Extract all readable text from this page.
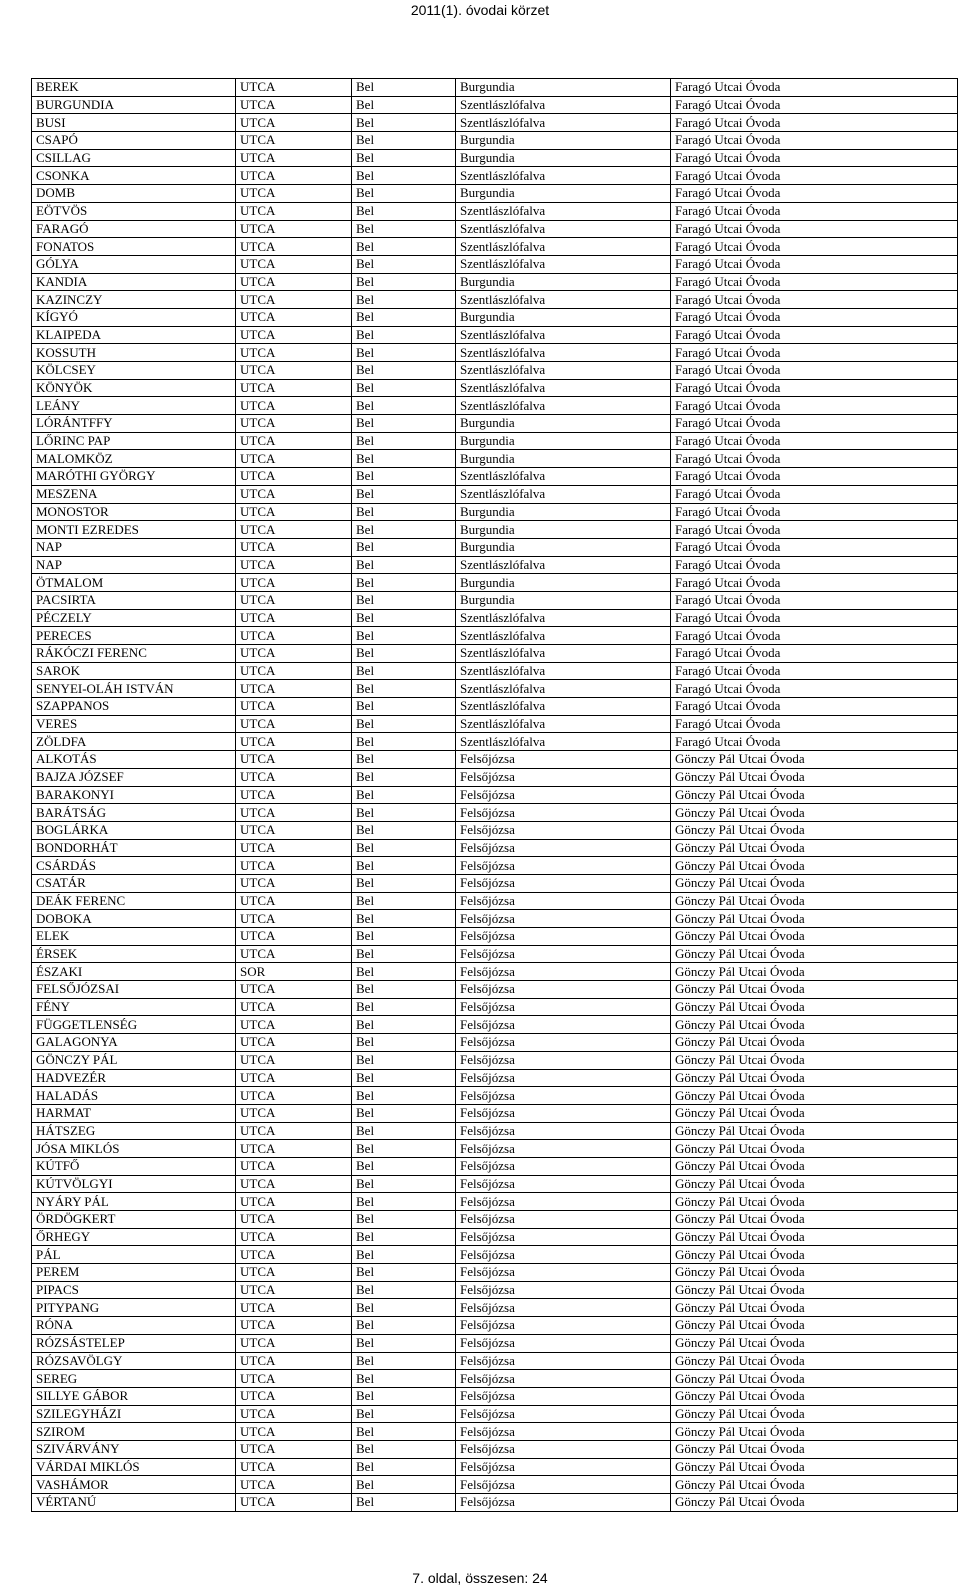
2011(1). óvodai körzet
BEREK	UTCA	Bel	Burgundia	Faragó Utcai Óvoda
BURGUNDIA	UTCA	Bel	Szentlászlófalva	Faragó Utcai Óvoda
BUSI	UTCA	Bel	Szentlászlófalva	Faragó Utcai Óvoda
CSAPÓ	UTCA	Bel	Burgundia	Faragó Utcai Óvoda
CSILLAG	UTCA	Bel	Burgundia	Faragó Utcai Óvoda
CSONKA	UTCA	Bel	Szentlászlófalva	Faragó Utcai Óvoda
DOMB	UTCA	Bel	Burgundia	Faragó Utcai Óvoda
EÖTVÖS	UTCA	Bel	Szentlászlófalva	Faragó Utcai Óvoda
FARAGÓ	UTCA	Bel	Szentlászlófalva	Faragó Utcai Óvoda
FONATOS	UTCA	Bel	Szentlászlófalva	Faragó Utcai Óvoda
GÓLYA	UTCA	Bel	Szentlászlófalva	Faragó Utcai Óvoda
KANDIA	UTCA	Bel	Burgundia	Faragó Utcai Óvoda
KAZINCZY	UTCA	Bel	Szentlászlófalva	Faragó Utcai Óvoda
KÍGYÓ	UTCA	Bel	Burgundia	Faragó Utcai Óvoda
KLAIPEDA	UTCA	Bel	Szentlászlófalva	Faragó Utcai Óvoda
KOSSUTH	UTCA	Bel	Szentlászlófalva	Faragó Utcai Óvoda
KÖLCSEY	UTCA	Bel	Szentlászlófalva	Faragó Utcai Óvoda
KÖNYÖK	UTCA	Bel	Szentlászlófalva	Faragó Utcai Óvoda
LEÁNY	UTCA	Bel	Szentlászlófalva	Faragó Utcai Óvoda
LÓRÁNTFFY	UTCA	Bel	Burgundia	Faragó Utcai Óvoda
LŐRINC PAP	UTCA	Bel	Burgundia	Faragó Utcai Óvoda
MALOMKÖZ	UTCA	Bel	Burgundia	Faragó Utcai Óvoda
MARÓTHI GYÖRGY	UTCA	Bel	Szentlászlófalva	Faragó Utcai Óvoda
MESZENA	UTCA	Bel	Szentlászlófalva	Faragó Utcai Óvoda
MONOSTOR	UTCA	Bel	Burgundia	Faragó Utcai Óvoda
MONTI EZREDES	UTCA	Bel	Burgundia	Faragó Utcai Óvoda
NAP	UTCA	Bel	Burgundia	Faragó Utcai Óvoda
NAP	UTCA	Bel	Szentlászlófalva	Faragó Utcai Óvoda
ÖTMALOM	UTCA	Bel	Burgundia	Faragó Utcai Óvoda
PACSIRTA	UTCA	Bel	Burgundia	Faragó Utcai Óvoda
PÉCZELY	UTCA	Bel	Szentlászlófalva	Faragó Utcai Óvoda
PERECES	UTCA	Bel	Szentlászlófalva	Faragó Utcai Óvoda
RÁKÓCZI FERENC	UTCA	Bel	Szentlászlófalva	Faragó Utcai Óvoda
SAROK	UTCA	Bel	Szentlászlófalva	Faragó Utcai Óvoda
SENYEI-OLÁH ISTVÁN	UTCA	Bel	Szentlászlófalva	Faragó Utcai Óvoda
SZAPPANOS	UTCA	Bel	Szentlászlófalva	Faragó Utcai Óvoda
VERES	UTCA	Bel	Szentlászlófalva	Faragó Utcai Óvoda
ZÖLDFA	UTCA	Bel	Szentlászlófalva	Faragó Utcai Óvoda
ALKOTÁS	UTCA	Bel	Felsőjózsa	Gönczy Pál Utcai Óvoda
BAJZA JÓZSEF	UTCA	Bel	Felsőjózsa	Gönczy Pál Utcai Óvoda
BARAKONYI	UTCA	Bel	Felsőjózsa	Gönczy Pál Utcai Óvoda
BARÁTSÁG	UTCA	Bel	Felsőjózsa	Gönczy Pál Utcai Óvoda
BOGLÁRKA	UTCA	Bel	Felsőjózsa	Gönczy Pál Utcai Óvoda
BONDORHÁT	UTCA	Bel	Felsőjózsa	Gönczy Pál Utcai Óvoda
CSÁRDÁS	UTCA	Bel	Felsőjózsa	Gönczy Pál Utcai Óvoda
CSATÁR	UTCA	Bel	Felsőjózsa	Gönczy Pál Utcai Óvoda
DEÁK FERENC	UTCA	Bel	Felsőjózsa	Gönczy Pál Utcai Óvoda
DOBOKA	UTCA	Bel	Felsőjózsa	Gönczy Pál Utcai Óvoda
ELEK	UTCA	Bel	Felsőjózsa	Gönczy Pál Utcai Óvoda
ÉRSEK	UTCA	Bel	Felsőjózsa	Gönczy Pál Utcai Óvoda
ÉSZAKI	SOR	Bel	Felsőjózsa	Gönczy Pál Utcai Óvoda
FELSŐJÓZSAI	UTCA	Bel	Felsőjózsa	Gönczy Pál Utcai Óvoda
FÉNY	UTCA	Bel	Felsőjózsa	Gönczy Pál Utcai Óvoda
FÜGGETLENSÉG	UTCA	Bel	Felsőjózsa	Gönczy Pál Utcai Óvoda
GALAGONYA	UTCA	Bel	Felsőjózsa	Gönczy Pál Utcai Óvoda
GÖNCZY PÁL	UTCA	Bel	Felsőjózsa	Gönczy Pál Utcai Óvoda
HADVEZÉR	UTCA	Bel	Felsőjózsa	Gönczy Pál Utcai Óvoda
HALADÁS	UTCA	Bel	Felsőjózsa	Gönczy Pál Utcai Óvoda
HARMAT	UTCA	Bel	Felsőjózsa	Gönczy Pál Utcai Óvoda
HÁTSZEG	UTCA	Bel	Felsőjózsa	Gönczy Pál Utcai Óvoda
JÓSA MIKLÓS	UTCA	Bel	Felsőjózsa	Gönczy Pál Utcai Óvoda
KÚTFŐ	UTCA	Bel	Felsőjózsa	Gönczy Pál Utcai Óvoda
KÚTVÖLGYI	UTCA	Bel	Felsőjózsa	Gönczy Pál Utcai Óvoda
NYÁRY PÁL	UTCA	Bel	Felsőjózsa	Gönczy Pál Utcai Óvoda
ÖRDÖGKERT	UTCA	Bel	Felsőjózsa	Gönczy Pál Utcai Óvoda
ŐRHEGY	UTCA	Bel	Felsőjózsa	Gönczy Pál Utcai Óvoda
PÁL	UTCA	Bel	Felsőjózsa	Gönczy Pál Utcai Óvoda
PEREM	UTCA	Bel	Felsőjózsa	Gönczy Pál Utcai Óvoda
PIPACS	UTCA	Bel	Felsőjózsa	Gönczy Pál Utcai Óvoda
PITYPANG	UTCA	Bel	Felsőjózsa	Gönczy Pál Utcai Óvoda
RÓNA	UTCA	Bel	Felsőjózsa	Gönczy Pál Utcai Óvoda
RÓZSÁSTELEP	UTCA	Bel	Felsőjózsa	Gönczy Pál Utcai Óvoda
RÓZSAVÖLGY	UTCA	Bel	Felsőjózsa	Gönczy Pál Utcai Óvoda
SEREG	UTCA	Bel	Felsőjózsa	Gönczy Pál Utcai Óvoda
SILLYE GÁBOR	UTCA	Bel	Felsőjózsa	Gönczy Pál Utcai Óvoda
SZILEGYHÁZI	UTCA	Bel	Felsőjózsa	Gönczy Pál Utcai Óvoda
SZIROM	UTCA	Bel	Felsőjózsa	Gönczy Pál Utcai Óvoda
SZIVÁRVÁNY	UTCA	Bel	Felsőjózsa	Gönczy Pál Utcai Óvoda
VÁRDAI MIKLÓS	UTCA	Bel	Felsőjózsa	Gönczy Pál Utcai Óvoda
VASHÁMOR	UTCA	Bel	Felsőjózsa	Gönczy Pál Utcai Óvoda
VÉRTANÚ	UTCA	Bel	Felsőjózsa	Gönczy Pál Utcai Óvoda
7. oldal, összesen: 24
